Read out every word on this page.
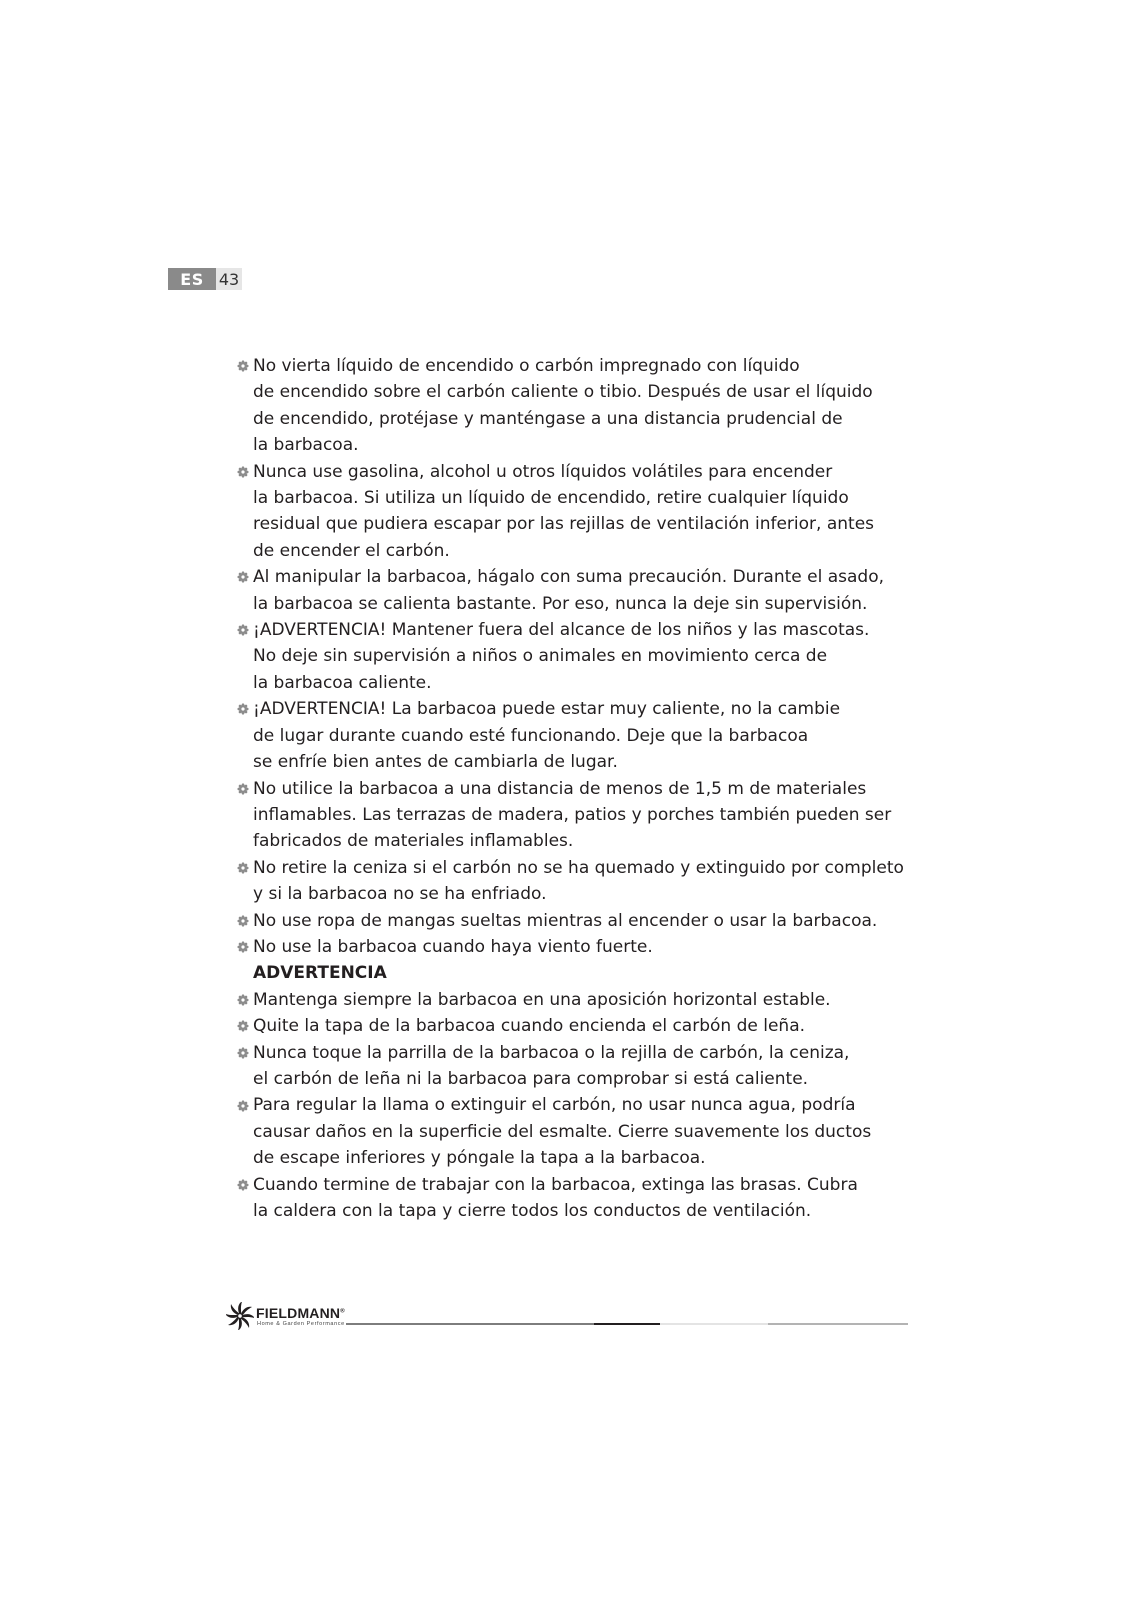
ES 43
No vierta líquido de encendido o carbón impregnado con líquido
de encendido sobre el carbón caliente o tibio. Después de usar el líquido
de encendido, protéjase y manténgase a una distancia prudencial de
la barbacoa.
Nunca use gasolina, alcohol u otros líquidos volátiles para encender
la barbacoa. Si utiliza un líquido de encendido, retire cualquier líquido
residual que pudiera escapar por las rejillas de ventilación inferior, antes
de encender el carbón.
Al manipular la barbacoa, hágalo con suma precaución. Durante el asado,
la barbacoa se calienta bastante. Por eso, nunca la deje sin supervisión.
¡ADVERTENCIA! Mantener fuera del alcance de los niños y las mascotas.
No deje sin supervisión a niños o animales en movimiento cerca de
la barbacoa caliente.
¡ADVERTENCIA! La barbacoa puede estar muy caliente, no la cambie
de lugar durante cuando esté funcionando. Deje que la barbacoa
se enfríe bien antes de cambiarla de lugar.
No utilice la barbacoa a una distancia de menos de 1,5 m de materiales
inflamables. Las terrazas de madera, patios y porches también pueden ser
fabricados de materiales inflamables.
No retire la ceniza si el carbón no se ha quemado y extinguido por completo
y si la barbacoa no se ha enfriado.
No use ropa de mangas sueltas mientras al encender o usar la barbacoa.
No use la barbacoa cuando haya viento fuerte.
ADVERTENCIA
Mantenga siempre la barbacoa en una aposición horizontal estable.
Quite la tapa de la barbacoa cuando encienda el carbón de leña.
Nunca toque la parrilla de la barbacoa o la rejilla de carbón, la ceniza,
el carbón de leña ni la barbacoa para comprobar si está caliente.
Para regular la llama o extinguir el carbón, no usar nunca agua, podría
causar daños en la superficie del esmalte. Cierre suavemente los ductos
de escape inferiores y póngale la tapa a la barbacoa.
Cuando termine de trabajar con la barbacoa, extinga las brasas. Cubra
la caldera con la tapa y cierre todos los conductos de ventilación.
FIELDMANN®
Home & Garden Performance
